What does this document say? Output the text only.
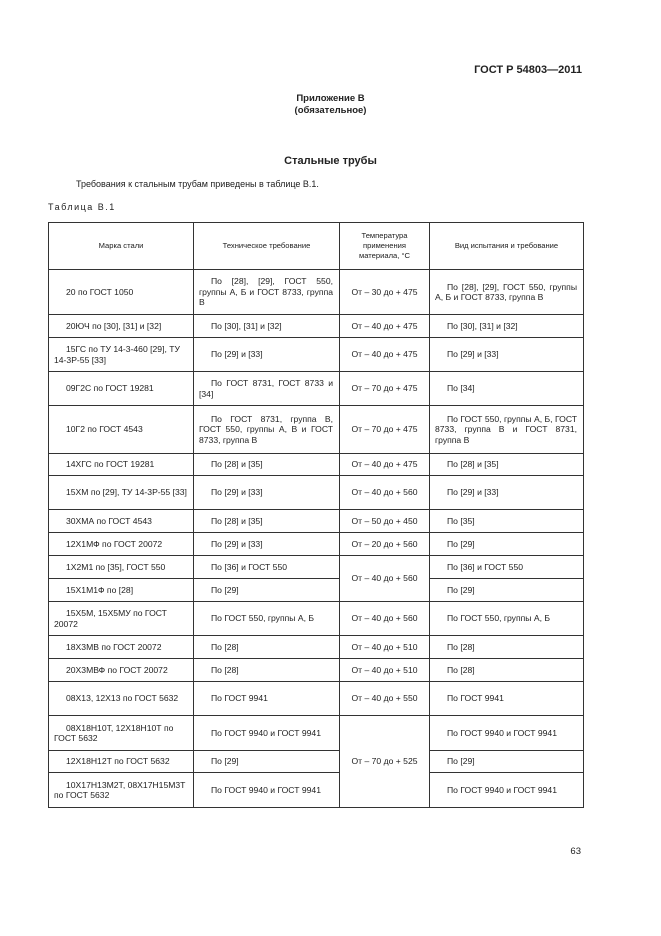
ГОСТ Р 54803—2011
Приложение В
(обязательное)
Стальные трубы
Требования к стальным трубам приведены в таблице В.1.
Таблица В.1
Марка стали	Техническое требование	Температура применения материала, °C	Вид испытания и требование
20 по ГОСТ 1050	По [28], [29], ГОСТ 550, группы А, Б и ГОСТ 8733, группа В	От – 30 до + 475	По [28], [29], ГОСТ 550, группы А, Б и ГОСТ 8733, группа В
20ЮЧ по [30], [31] и [32]	По [30], [31] и [32]	От – 40 до + 475	По [30], [31] и [32]
15ГС по ТУ 14-3-460 [29], ТУ 14-3Р-55 [33]	По [29] и [33]	От – 40 до + 475	По [29] и [33]
09Г2С по ГОСТ 19281	По ГОСТ 8731, ГОСТ 8733 и [34]	От – 70 до + 475	По [34]
10Г2 по ГОСТ 4543	По ГОСТ 8731, группа В, ГОСТ 550, группы А, В и ГОСТ 8733, группа В	От – 70 до + 475	По ГОСТ 550, группы А, Б, ГОСТ 8733, группа В и ГОСТ 8731, группа В
14ХГС по ГОСТ 19281	По [28] и [35]	От – 40 до + 475	По [28] и [35]
15ХМ по [29], ТУ 14-3Р-55 [33]	По [29] и [33]	От – 40 до + 560	По [29] и [33]
30ХМА по ГОСТ 4543	По [28] и [35]	От – 50 до + 450	По [35]
12Х1МФ по ГОСТ 20072	По [29] и [33]	От – 20 до + 560	По [29]
1Х2М1 по [35], ГОСТ 550	По [36] и ГОСТ 550	От – 40 до + 560	По [36] и ГОСТ 550
15Х1М1Ф по [28]	По [29]		По [29]
15Х5М, 15Х5МУ по ГОСТ 20072	По ГОСТ 550, группы А, Б	От – 40 до + 560	По ГОСТ 550, группы А, Б
18Х3МВ по ГОСТ 20072	По [28]	От – 40 до + 510	По [28]
20Х3МВФ по ГОСТ 20072	По [28]	От – 40 до + 510	По [28]
08Х13, 12Х13 по ГОСТ 5632	По ГОСТ 9941	От – 40 до + 550	По ГОСТ 9941
08Х18Н10Т, 12Х18Н10Т по ГОСТ 5632	По ГОСТ 9940 и ГОСТ 9941	От – 70 до + 525	По ГОСТ 9940 и ГОСТ 9941
12Х18Н12Т по ГОСТ 5632	По [29]		По [29]
10Х17Н13М2Т, 08Х17Н15М3Т по ГОСТ 5632	По ГОСТ 9940 и ГОСТ 9941		По ГОСТ 9940 и ГОСТ 9941
63
